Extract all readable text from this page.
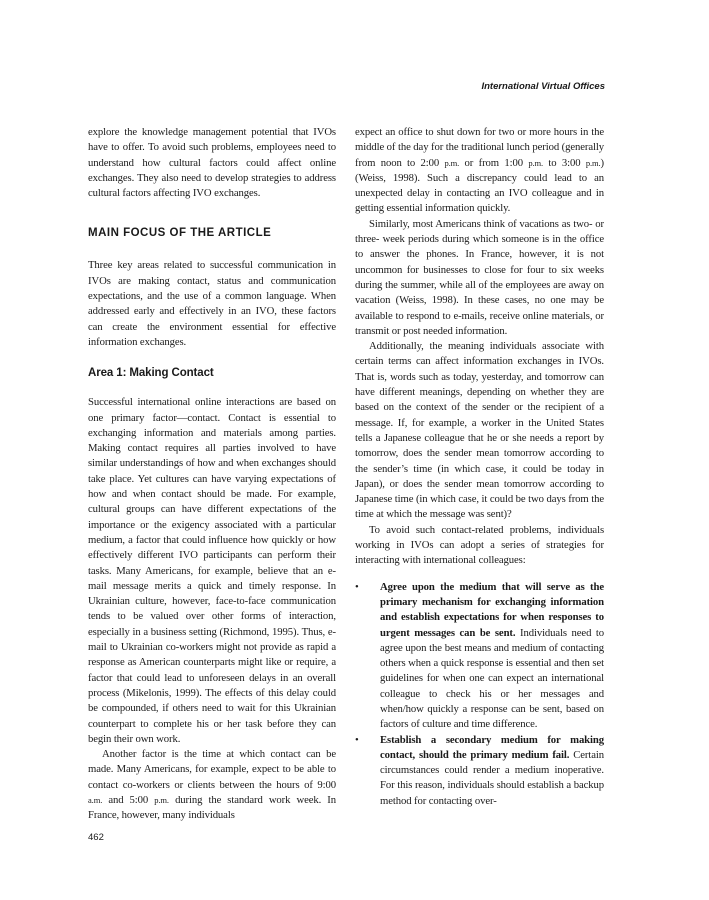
International Virtual Offices

explore the knowledge management potential that IVOs have to offer. To avoid such problems, employees need to understand how cultural factors could affect online exchanges. They also need to develop strategies to address cultural factors affecting IVO exchanges.

MAIN FOCUS OF THE ARTICLE

Three key areas related to successful communication in IVOs are making contact, status and communication expectations, and the use of a common language. When addressed early and effectively in an IVO, these factors can create the environment essential for effective information exchanges.

Area 1: Making Contact

Successful international online interactions are based on one primary factor—contact. Contact is essential to exchanging information and materials among parties. Making contact requires all parties involved to have similar understandings of how and when exchanges should take place. Yet cultures can have varying expectations of how and when contact should be made. For example, cultural groups can have different expectations of the importance or the exigency associated with a particular medium, a factor that could influence how quickly or how effectively different IVO participants can perform their tasks. Many Americans, for example, believe that an e-mail message merits a quick and timely response. In Ukrainian culture, however, face-to-face communication tends to be valued over other forms of interaction, especially in a business setting (Richmond, 1995). Thus, e-mail to Ukrainian co-workers might not provide as rapid a response as American counterparts might like or require, a factor that could lead to unforeseen delays in an overall process (Mikelonis, 1999). The effects of this delay could be compounded, if others need to wait for this Ukrainian counterpart to complete his or her task before they can begin their own work.

Another factor is the time at which contact can be made. Many Americans, for example, expect to be able to contact co-workers or clients between the hours of 9:00 a.m. and 5:00 p.m. during the standard work week. In France, however, many individuals

expect an office to shut down for two or more hours in the middle of the day for the traditional lunch period (generally from noon to 2:00 p.m. or from 1:00 p.m. to 3:00 p.m.) (Weiss, 1998). Such a discrepancy could lead to an unexpected delay in contacting an IVO colleague and in getting essential information quickly.

Similarly, most Americans think of vacations as two- or three- week periods during which someone is in the office to answer the phones. In France, however, it is not uncommon for businesses to close for four to six weeks during the summer, while all of the employees are away on vacation (Weiss, 1998). In these cases, no one may be available to respond to e-mails, receive online materials, or transmit or post needed information.

Additionally, the meaning individuals associate with certain terms can affect information exchanges in IVOs. That is, words such as today, yesterday, and tomorrow can have different meanings, depending on whether they are based on the context of the sender or the recipient of a message. If, for example, a worker in the United States tells a Japanese colleague that he or she needs a report by tomorrow, does the sender mean tomorrow according to the sender’s time (in which case, it could be today in Japan), or does the sender mean tomorrow according to Japanese time (in which case, it could be two days from the time at which the message was sent)?

To avoid such contact-related problems, individuals working in IVOs can adopt a series of strategies for interacting with international colleagues:

• Agree upon the medium that will serve as the primary mechanism for exchanging information and establish expectations for when responses to urgent messages can be sent. Individuals need to agree upon the best means and medium of contacting others when a quick response is essential and then set guidelines for when one can expect an international colleague to check his or her messages and when/how quickly a response can be sent, based on factors of culture and time difference.
• Establish a secondary medium for making contact, should the primary medium fail. Certain circumstances could render a medium inoperative. For this reason, individuals should establish a backup method for contacting over-
462
